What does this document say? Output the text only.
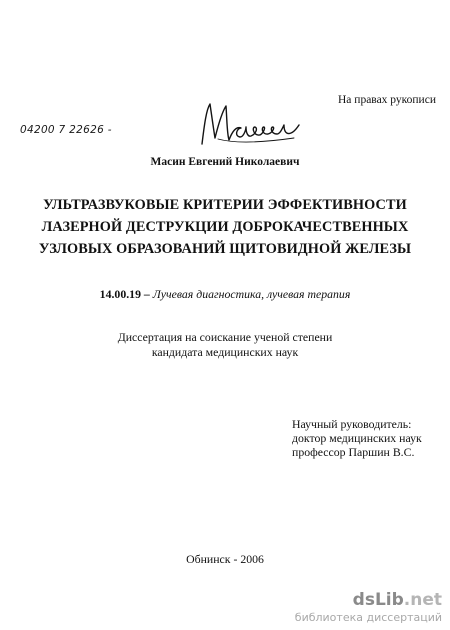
На правах рукописи
04200 7 22626 -
Масин Евгений Николаевич
УЛЬТРАЗВУКОВЫЕ КРИТЕРИИ ЭФФЕКТИВНОСТИ
ЛАЗЕРНОЙ ДЕСТРУКЦИИ ДОБРОКАЧЕСТВЕННЫХ
УЗЛОВЫХ ОБРАЗОВАНИЙ ЩИТОВИДНОЙ ЖЕЛЕЗЫ
14.00.19 – Лучевая диагностика, лучевая терапия
Диссертация на соискание ученой степени
кандидата медицинских наук
Научный руководитель:
доктор медицинских наук
профессор Паршин В.С.
Обнинск - 2006
dsLib.net
библиотека диссертаций
